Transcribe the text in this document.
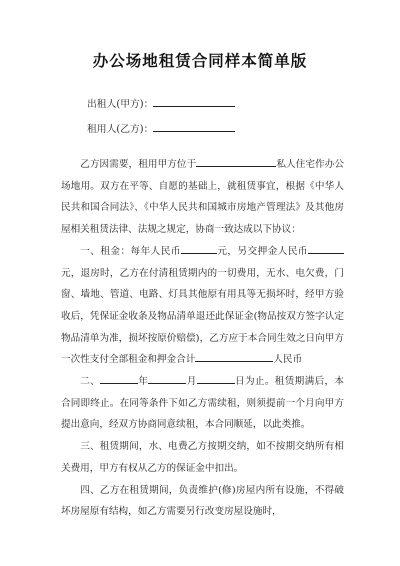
办公场地租赁合同样本简单版
出租人(甲方)：
租用人(乙方)：

乙方因需要，租用甲方位于	私人住宅作办公场地用。双方在平等、自愿的基础上，就租赁事宜，根据《中华人民共和国合同法》、《中华人民共和国城市房地产管理法》及其他房屋相关租赁法律、法规之规定，协商一致达成以下协议：

一、租金：每年人民币	元，另交押金人民币元，退房时，乙方在付清租赁期内的一切费用，无水、电欠费，门窗、墙地、管道、电路、灯具其他原有用具等无损坏时，经甲方验收后，凭保证金收条及物品清单退还此保证金(物品按双方签字认定物品清单为准，损坏按原价赔偿)，乙方应于本合同生效之日向甲方一次性支付全部租金和押金合计	人民币

二、	年	月	日为止。租赁期满后，本合同即终止。在同等条件下如乙方需续租，则须提前一个月向甲方提出意向，经双方协商同意续租，本合同顺延，以此类推。

三、租赁期间，水、电费乙方按期交纳，如不按期交纳所有相关费用，甲方有权从乙方的保证金中扣出。

四、乙方在租赁期间，负责维护(修)房屋内所有设施，不得破坏房屋原有结构，如乙方需要另行改变房屋设施时，
